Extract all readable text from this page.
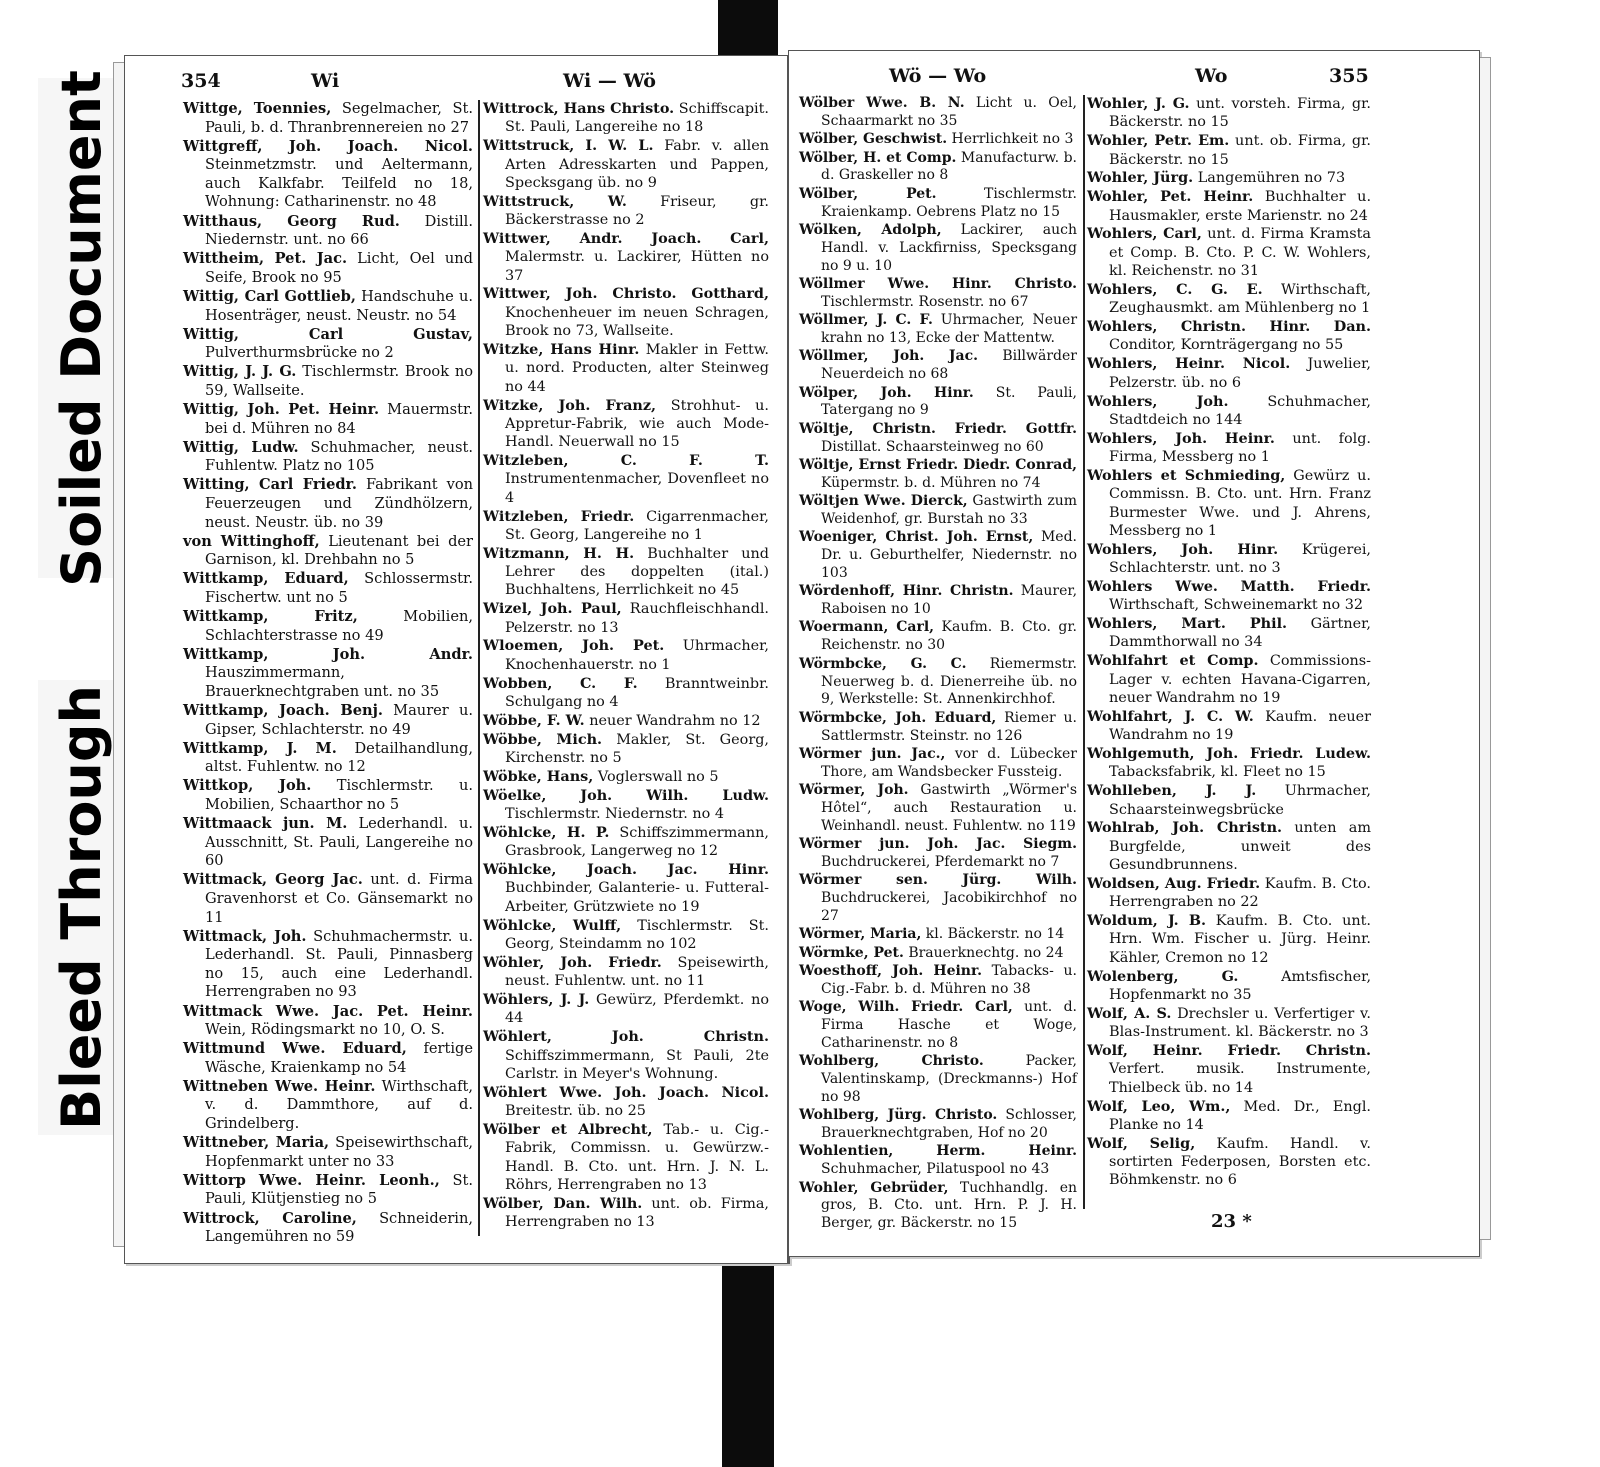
Soiled Document
Bleed Through
354	Wi	Wi — Wö

Wittge, Toennies, Segelmacher, St. Pauli, b. d. Thranbrennereien no 27

Wittgreff, Joh. Joach. Nicol. Steinmetzmstr. und Aeltermann, auch Kalkfabr. Teilfeld no 18, Wohnung: Catharinenstr. no 48

Witthaus, Georg Rud. Distill. Niedernstr. unt. no 66

Wittheim, Pet. Jac. Licht, Oel und Seife, Brook no 95

Wittig, Carl Gottlieb, Handschuhe u. Hosenträger, neust. Neustr. no 54

Wittig, Carl Gustav, Pulverthurmsbrücke no 2

Wittig, J. J. G. Tischlermstr. Brook no 59, Wallseite.

Wittig, Joh. Pet. Heinr. Mauermstr. bei d. Mühren no 84

Wittig, Ludw. Schuhmacher, neust. Fuhlentw. Platz no 105

Witting, Carl Friedr. Fabrikant von Feuerzeugen und Zündhölzern, neust. Neustr. üb. no 39

von Wittinghoff, Lieutenant bei der Garnison, kl. Drehbahn no 5

Wittkamp, Eduard, Schlossermstr. Fischertw. unt no 5

Wittkamp, Fritz,	Mobilien, Schlachterstrasse no 49

Wittkamp, Joh. Andr. Hauszimmermann, Brauerknechtgraben unt. no 35

Wittkamp, Joach. Benj. Maurer u. Gipser, Schlachterstr. no 49

Wittkamp, J. M. Detailhandlung, altst. Fuhlentw. no 12

Wittkop, Joh. Tischlermstr. u. Mobilien, Schaarthor no 5

Wittmaack jun. M. Lederhandl. u. Ausschnitt, St. Pauli, Langereihe no 60

Wittmack, Georg Jac. unt. d. Firma Gravenhorst et Co. Gänsemarkt no 11

Wittmack, Joh. Schuhmachermstr. u. Lederhandl. St. Pauli, Pinnasberg no 15, auch eine Lederhandl. Herrengraben no 93

Wittmack Wwe. Jac. Pet. Heinr. Wein, Rödingsmarkt no 10, O. S.

Wittmund Wwe. Eduard, fertige Wäsche, Kraienkamp no 54

Wittneben Wwe. Heinr. Wirthschaft, v. d. Dammthore, auf d. Grindelberg.

Wittneber, Maria, Speisewirthschaft, Hopfenmarkt unter no 33

Wittorp Wwe. Heinr. Leonh., St. Pauli, Klütjenstieg no 5

Wittrock, Caroline, Schneiderin, Langemühren no 59

Wittrock, Hans Christo. Schiffscapit. St. Pauli, Langereihe no 18

Wittstruck, I. W. L. Fabr. v. allen Arten Adresskarten und Pappen, Specksgang üb. no 9

Wittstruck, W. Friseur, gr. Bäckerstrasse no 2

Wittwer, Andr. Joach. Carl, Malermstr. u. Lackirer, Hütten no 37

Wittwer, Joh. Christo. Gotthard, Knochenheuer im neuen Schragen, Brook no 73, Wallseite.

Witzke, Hans Hinr. Makler in Fettw. u. nord. Producten, alter Steinweg no 44

Witzke, Joh. Franz, Strohhut- u. Appretur-Fabrik, wie auch Mode-Handl. Neuerwall no 15

Witzleben, C. F. T. Instrumentenmacher, Dovenfleet no 4

Witzleben, Friedr. Cigarrenmacher, St. Georg, Langereihe no 1

Witzmann, H. H. Buchhalter und Lehrer des doppelten (ital.) Buchhaltens, Herrlichkeit no 45

Wizel, Joh. Paul, Rauchfleischhandl. Pelzerstr. no 13

Wloemen, Joh. Pet. Uhrmacher, Knochenhauerstr. no 1

Wobben, C. F. Branntweinbr. Schulgang no 4

Wöbbe, F. W. neuer Wandrahm no 12

Wöbbe, Mich. Makler, St. Georg, Kirchenstr. no 5

Wöbke, Hans, Voglerswall no 5

Wöelke, Joh. Wilh. Ludw. Tischlermstr. Niedernstr. no 4

Wöhlcke, H. P. Schiffszimmermann, Grasbrook, Langerweg no 12

Wöhlcke, Joach. Jac. Hinr. Buchbinder, Galanterie- u. Futteral-Arbeiter, Grützwiete no 19

Wöhlcke, Wulff, Tischlermstr. St. Georg, Steindamm no 102

Wöhler, Joh. Friedr. Speisewirth, neust. Fuhlentw. unt. no 11

Wöhlers, J. J. Gewürz, Pferdemkt. no 44

Wöhlert, Joh. Christn. Schiffszimmermann, St Pauli, 2te Carlstr. in Meyer's Wohnung.

Wöhlert Wwe. Joh. Joach. Nicol. Breitestr. üb. no 25

Wölber et Albrecht, Tab.- u. Cig.-Fabrik, Commissn. u. Gewürzw.-Handl. B. Cto. unt. Hrn. J. N. L. Röhrs, Herrengraben no 13

Wölber, Dan. Wilh. unt. ob. Firma, Herrengraben no 13

Wö — Wo	Wo	355

Wölber Wwe. B. N. Licht u. Oel, Schaarmarkt no 35

Wölber, Geschwist. Herrlichkeit no 3

Wölber, H. et Comp. Manufacturw. b. d. Graskeller no 8

Wölber, Pet.	Tischlermstr. Kraienkamp. Oebrens Platz no 15

Wölken, Adolph, Lackirer, auch Handl. v. Lackfirniss, Specksgang no 9 u. 10

Wöllmer Wwe. Hinr. Christo. Tischlermstr. Rosenstr. no 67

Wöllmer, J. C. F. Uhrmacher, Neuer krahn no 13, Ecke der Mattentw.

Wöllmer, Joh. Jac. Billwärder Neuerdeich no 68

Wölper, Joh. Hinr. St. Pauli, Tatergang no 9

Wöltje, Christn. Friedr. Gottfr. Distillat. Schaarsteinweg no 60

Wöltje, Ernst Friedr. Diedr. Conrad, Küpermstr. b. d. Mühren no 74

Wöltjen Wwe. Dierck, Gastwirth zum Weidenhof, gr. Burstah no 33

Woeniger, Christ. Joh. Ernst, Med. Dr. u. Geburthelfer, Niedernstr. no 103

Wördenhoff, Hinr. Christn. Maurer, Raboisen no 10

Woermann, Carl, Kaufm. B. Cto. gr. Reichenstr. no 30

Wörmbcke, G. C. Riemermstr. Neuerweg b. d. Dienerreihe üb. no 9, Werkstelle: St. Annenkirchhof.

Wörmbcke, Joh. Eduard, Riemer u. Sattlermstr. Steinstr. no 126

Wörmer jun. Jac., vor d. Lübecker Thore, am Wandsbecker Fussteig.

Wörmer, Joh. Gastwirth „Wörmer's Hôtel“, auch Restauration u. Weinhandl. neust. Fuhlentw. no 119

Wörmer jun. Joh. Jac. Siegm. Buchdruckerei, Pferdemarkt no 7

Wörmer sen. Jürg. Wilh. Buchdruckerei, Jacobikirchhof no 27

Wörmer, Maria, kl. Bäckerstr. no 14

Wörmke, Pet. Brauerknechtg. no 24

Woesthoff, Joh. Heinr. Tabacks- u. Cig.-Fabr. b. d. Mühren no 38

Woge, Wilh. Friedr. Carl, unt. d. Firma Hasche et Woge, Catharinenstr. no 8

Wohlberg, Christo.	Packer, Valentinskamp, (Dreckmanns-) Hof no 98

Wohlberg, Jürg. Christo. Schlosser, Brauerknechtgraben, Hof no 20

Wohlentien, Herm. Heinr. Schuhmacher, Pilatuspool no 43

Wohler, Gebrüder, Tuchhandlg. en gros, B. Cto. unt. Hrn. P. J. H. Berger, gr. Bäckerstr. no 15

Wohler, J. G. unt. vorsteh. Firma, gr. Bäckerstr. no 15

Wohler, Petr. Em. unt. ob. Firma, gr. Bäckerstr. no 15

Wohler, Jürg. Langemühren no 73

Wohler, Pet. Heinr. Buchhalter u. Hausmakler, erste Marienstr. no 24

Wohlers, Carl, unt. d. Firma Kramsta et Comp. B. Cto. P. C. W. Wohlers, kl. Reichenstr. no 31

Wohlers, C. G. E. Wirthschaft, Zeughausmkt. am Mühlenberg no 1

Wohlers, Christn. Hinr. Dan. Conditor, Kornträgergang no 55

Wohlers, Heinr. Nicol. Juwelier, Pelzerstr. üb. no 6

Wohlers, Joh.	Schuhmacher, Stadtdeich no 144

Wohlers, Joh. Heinr. unt. folg. Firma, Messberg no 1

Wohlers et Schmieding, Gewürz u. Commissn. B. Cto. unt. Hrn. Franz Burmester Wwe. und J. Ahrens, Messberg no 1

Wohlers, Joh. Hinr. Krügerei, Schlachterstr. unt. no 3

Wohlers Wwe. Matth. Friedr. Wirthschaft, Schweinemarkt no 32

Wohlers, Mart. Phil. Gärtner, Dammthorwall no 34

Wohlfahrt et Comp. Commissions-Lager v. echten Havana-Cigarren, neuer Wandrahm no 19

Wohlfahrt, J. C. W. Kaufm. neuer Wandrahm no 19

Wohlgemuth, Joh. Friedr. Ludew. Tabacksfabrik, kl. Fleet no 15

Wohlleben, J. J. Uhrmacher, Schaarsteinwegsbrücke

Wohlrab, Joh. Christn. unten am Burgfelde, unweit des Gesundbrunnens.

Woldsen, Aug. Friedr. Kaufm. B. Cto. Herrengraben no 22

Woldum, J. B. Kaufm. B. Cto. unt. Hrn. Wm. Fischer u. Jürg. Heinr. Kähler, Cremon no 12

Wolenberg, G.	Amtsfischer, Hopfenmarkt no 35

Wolf, A. S. Drechsler u. Verfertiger v. Blas-Instrument. kl. Bäckerstr. no 3

Wolf, Heinr. Friedr. Christn. Verfert. musik. Instrumente, Thielbeck üb. no 14

Wolf, Leo, Wm., Med. Dr., Engl. Planke no 14

Wolf, Selig, Kaufm. Handl. v. sortirten Federposen, Borsten etc. Böhmkenstr. no 6

23 *
